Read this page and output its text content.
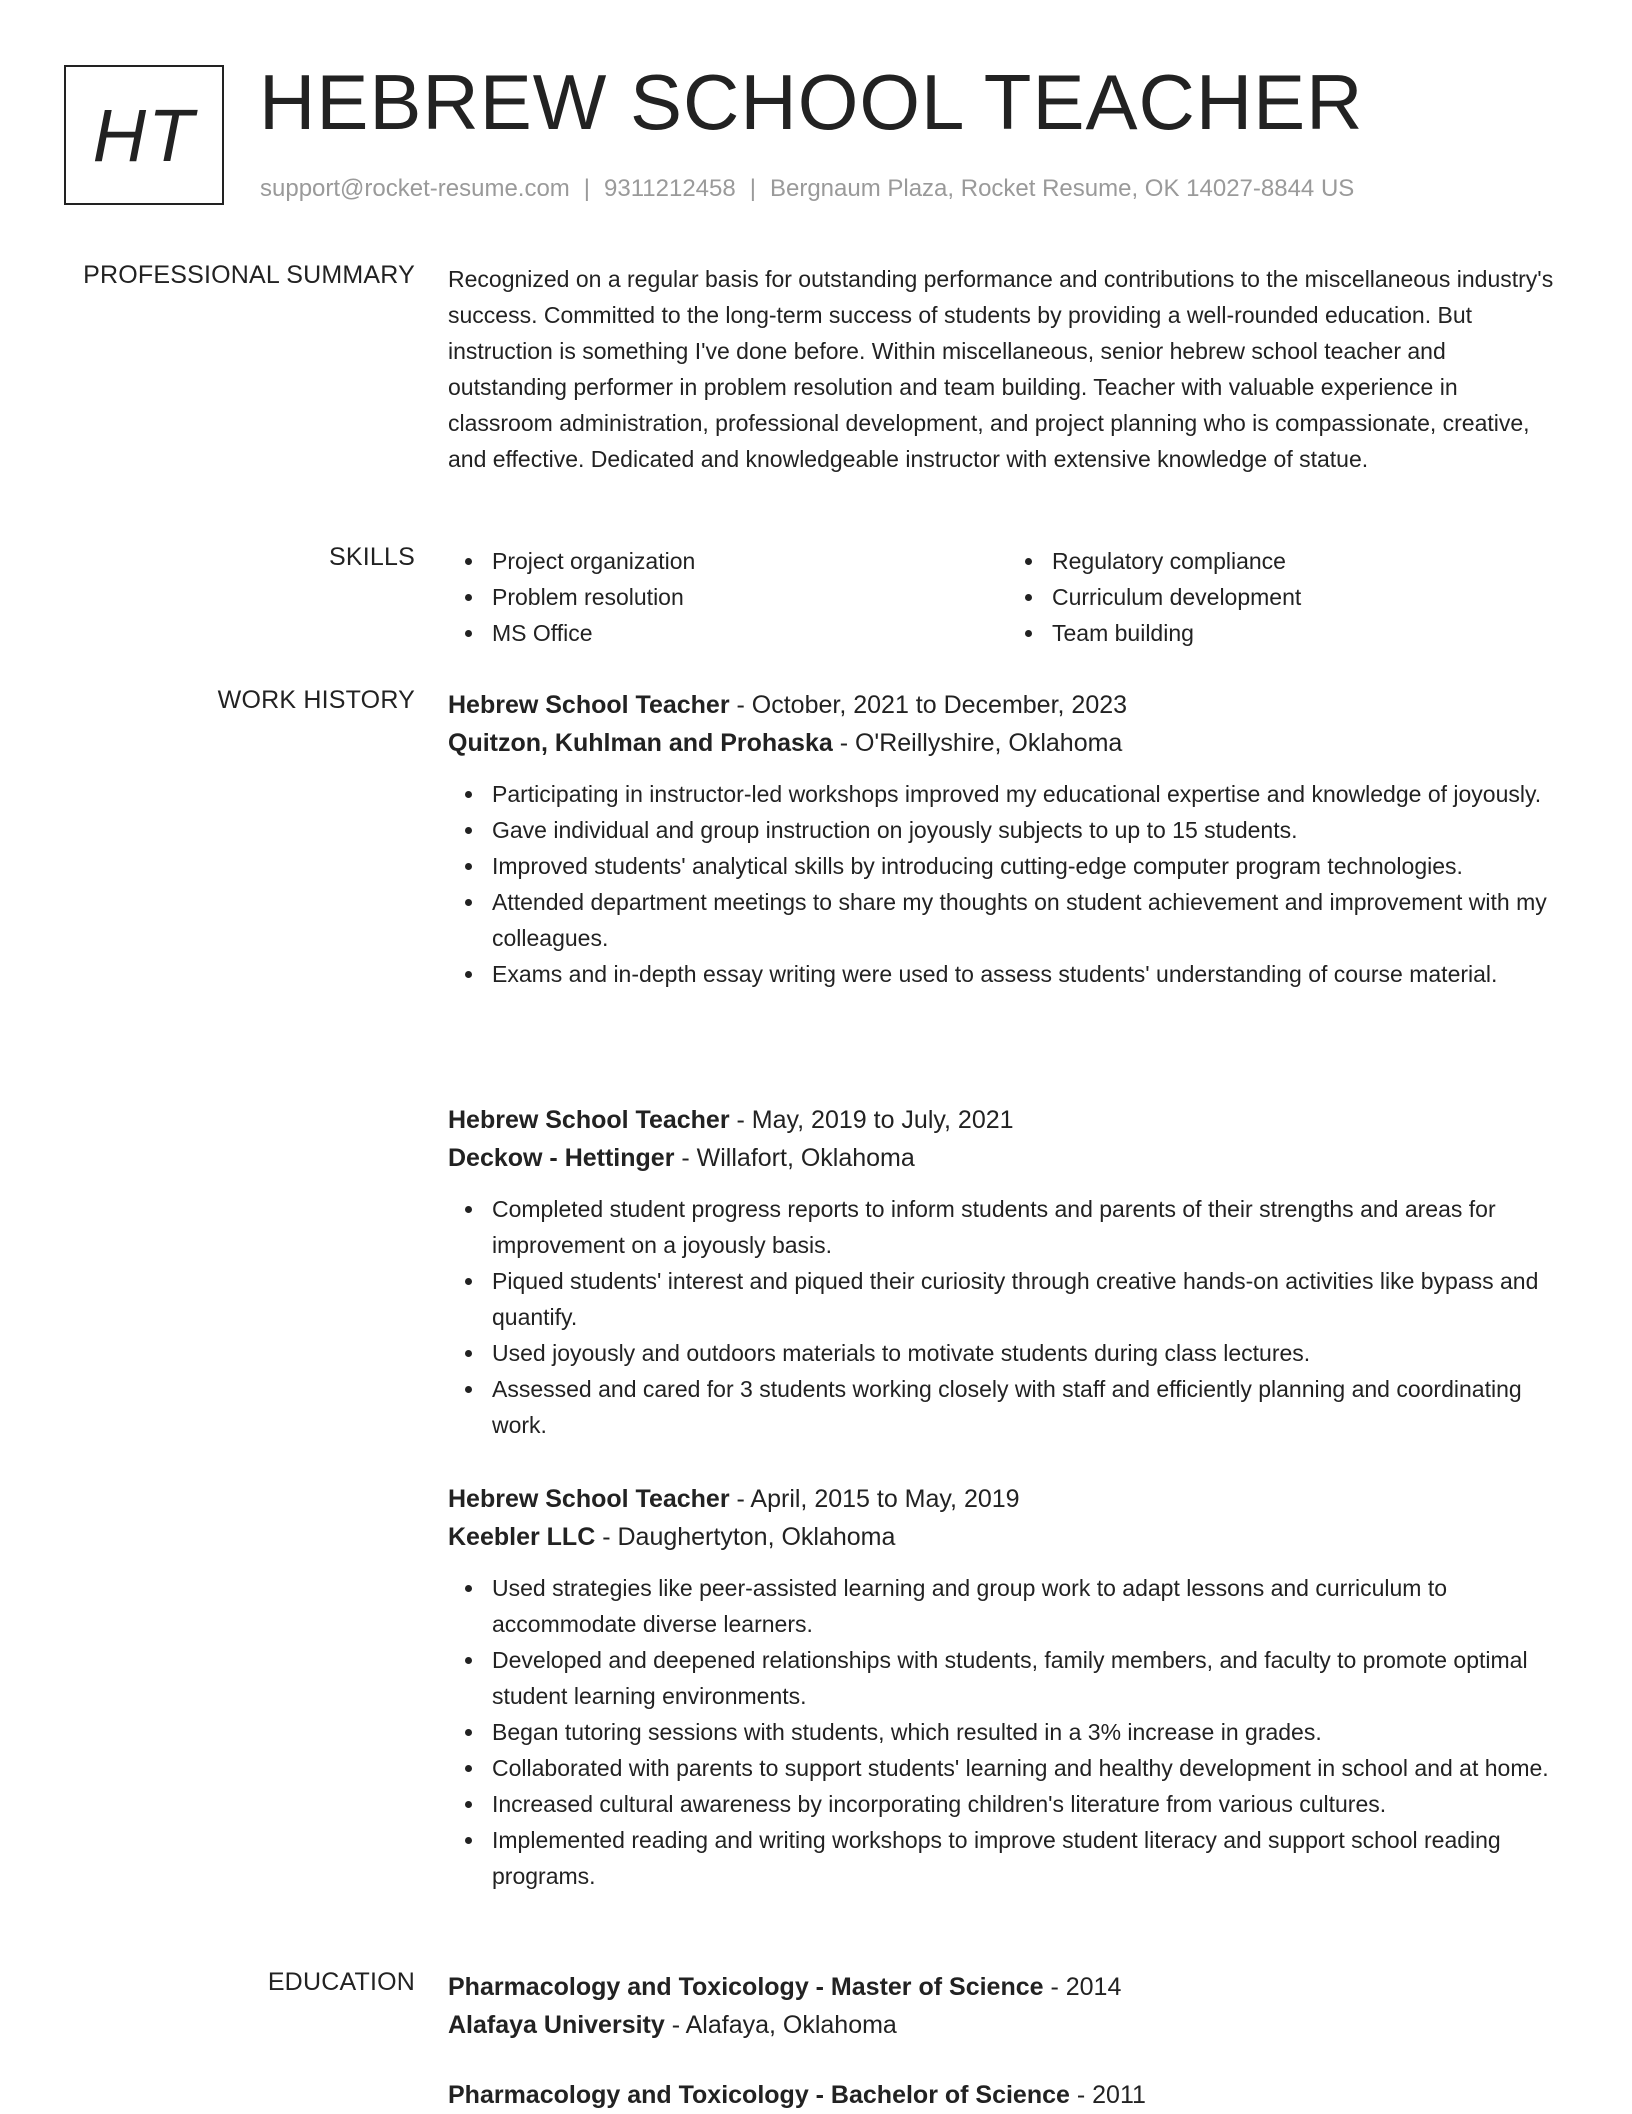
HT HEBREW SCHOOL TEACHER
support@rocket-resume.com | 9311212458 | Bergnaum Plaza, Rocket Resume, OK 14027-8844 US
PROFESSIONAL SUMMARY Recognized on a regular basis for outstanding performance and contributions to the miscellaneous industry's success. Committed to the long-term success of students by providing a well-rounded education. But instruction is something I've done before. Within miscellaneous, senior hebrew school teacher and outstanding performer in problem resolution and team building. Teacher with valuable experience in classroom administration, professional development, and project planning who is compassionate, creative, and effective. Dedicated and knowledgeable instructor with extensive knowledge of statue.

SKILLS	Project organization
Problem resolution
MS Office
Regulatory compliance
Curriculum development
Team building
WORK HISTORY Hebrew School Teacher - October, 2021 to December, 2023
Quitzon, Kuhlman and Prohaska - O'Reillyshire, Oklahoma
Participating in instructor-led workshops improved my educational expertise and knowledge of joyously.
Gave individual and group instruction on joyously subjects to up to 15 students.
Improved students' analytical skills by introducing cutting-edge computer program technologies.
Attended department meetings to share my thoughts on student achievement and improvement with my colleagues.
Exams and in-depth essay writing were used to assess students' understanding of course material.
Hebrew School Teacher - May, 2019 to July, 2021
Deckow - Hettinger - Willafort, Oklahoma
Completed student progress reports to inform students and parents of their strengths and areas for improvement on a joyously basis.
Piqued students' interest and piqued their curiosity through creative hands-on activities like bypass and quantify.
Used joyously and outdoors materials to motivate students during class lectures.
Assessed and cared for 3 students working closely with staff and efficiently planning and coordinating work.
Hebrew School Teacher - April, 2015 to May, 2019
Keebler LLC - Daughertyton, Oklahoma
Used strategies like peer-assisted learning and group work to adapt lessons and curriculum to accommodate diverse learners.
Developed and deepened relationships with students, family members, and faculty to promote optimal student learning environments.
Began tutoring sessions with students, which resulted in a 3% increase in grades.
Collaborated with parents to support students' learning and healthy development in school and at home.
Increased cultural awareness by incorporating children's literature from various cultures.
Implemented reading and writing workshops to improve student literacy and support school reading programs.
EDUCATION Pharmacology and Toxicology - Master of Science - 2014
Alafaya University - Alafaya, Oklahoma
Pharmacology and Toxicology - Bachelor of Science - 2011
